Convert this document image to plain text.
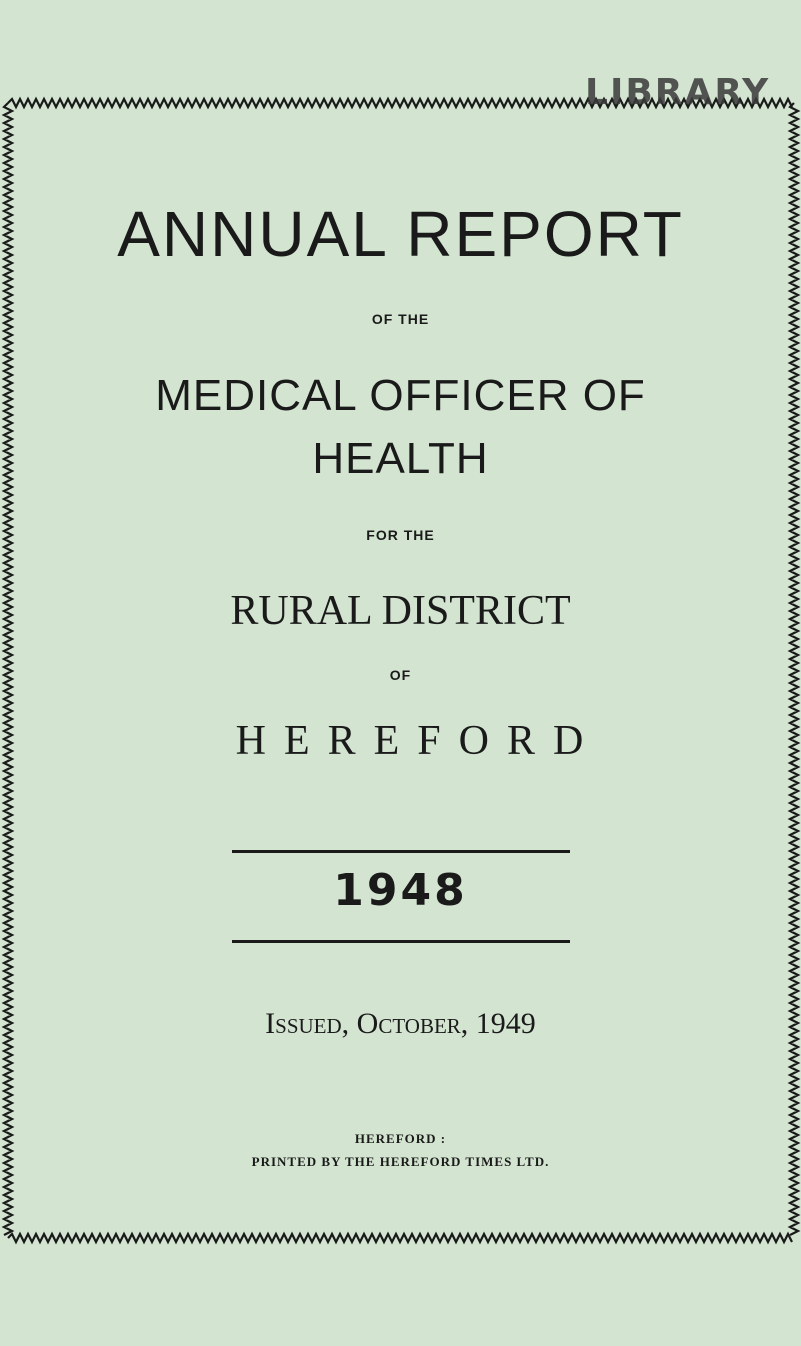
LIBRARY
ANNUAL REPORT
OF THE
MEDICAL OFFICER OF
HEALTH
FOR THE
RURAL DISTRICT
OF
HEREFORD
1948
Issued, October, 1949
HEREFORD :
PRINTED BY THE HEREFORD TIMES LTD.
